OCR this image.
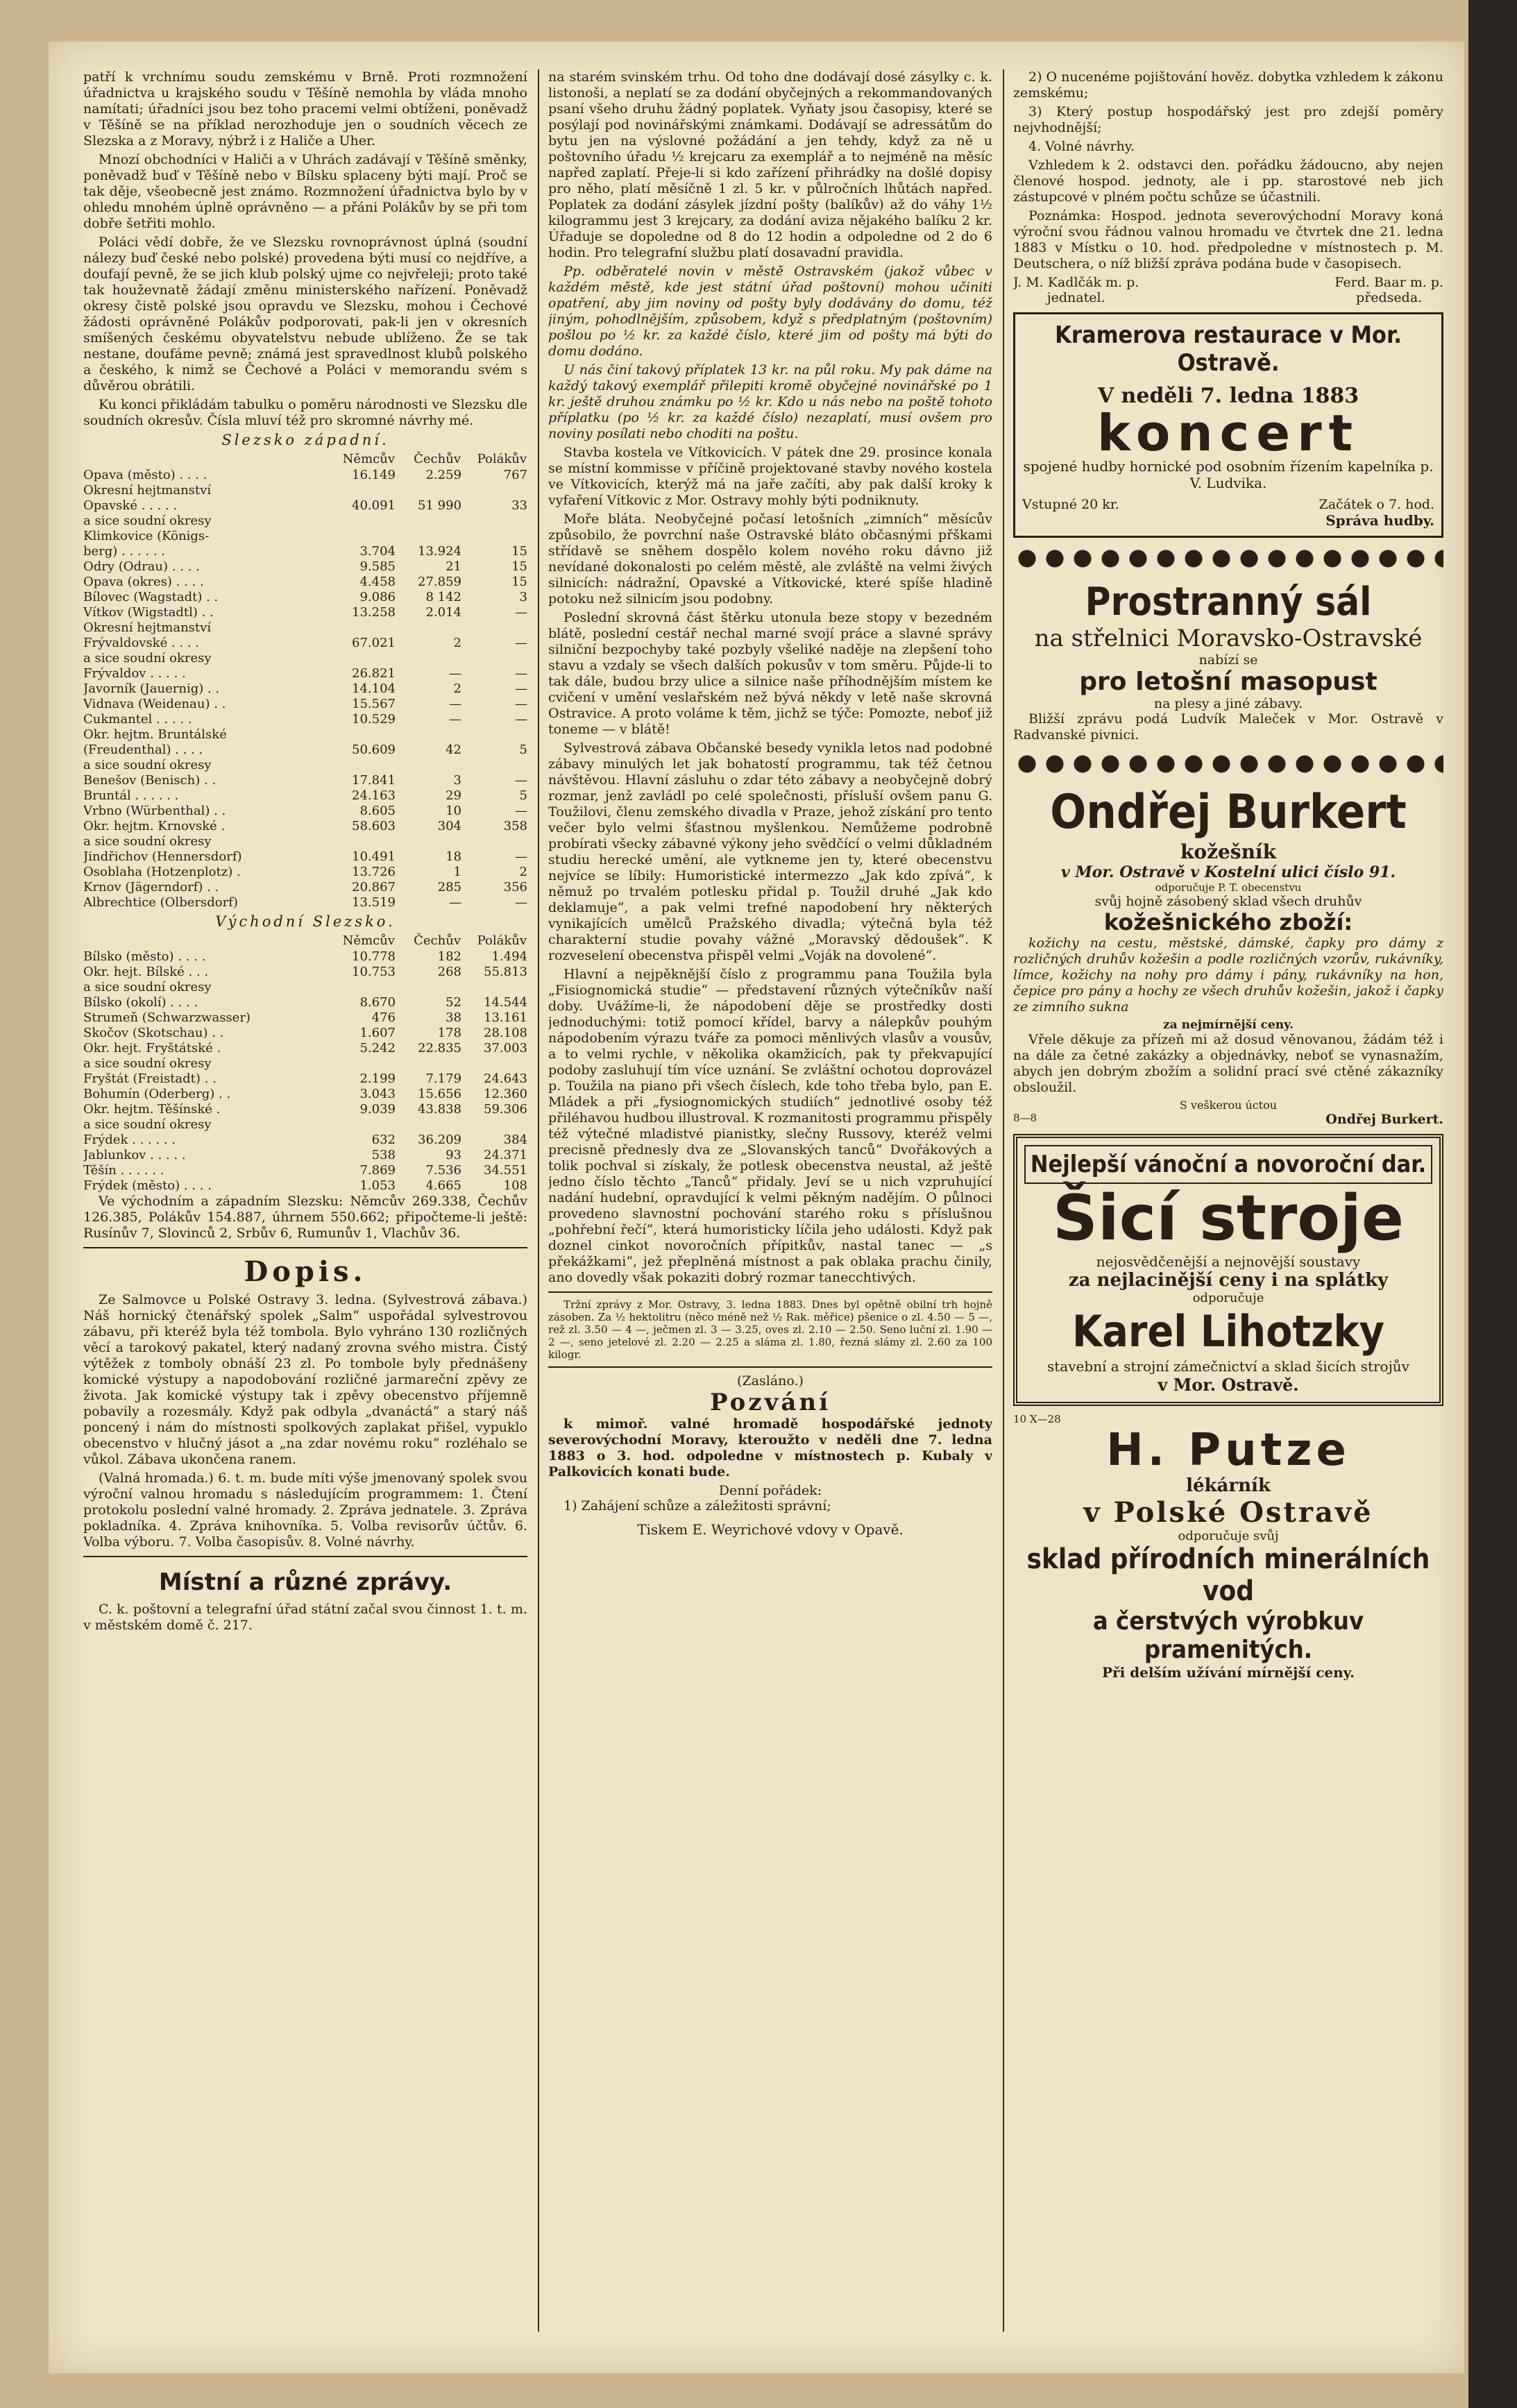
patří k vrchnímu soudu zemskému v Brně. Proti rozmnožení úřadnictva u krajského soudu v Těšíně nemohla by vláda mnoho namítati; úřadníci jsou bez toho pracemi velmi obtíženi, poněvadž v Těšíně se na příklad nerozhoduje jen o soudních věcech ze Slezska a z Moravy, nýbrž i z Haliče a Uher.

Mnozí obchodníci v Haliči a v Uhrách zadávají v Těšíně směnky, poněvadž buď v Těšíně nebo v Bílsku splaceny býti mají. Proč se tak děje, všeobecně jest známo. Rozmnožení úřadnictva bylo by v ohledu mnohém úplně oprávněno — a přáni Polákův by se při tom dobře šetřiti mohlo.

Poláci vědí dobře, že ve Slezsku rovnoprávnost úplná (soudní nálezy buď české nebo polské) provedena býti musí co nejdříve, a doufají pevně, že se jich klub polský ujme co nejvřeleji; proto také tak houževnatě žádají změnu ministerského nařízení. Poněvadž okresy čistě polské jsou opravdu ve Slezsku, mohou i Čechové žádosti oprávněné Polákův podporovati, pak-li jen v okresních smíšených českému obyvatelstvu nebude ublíženo. Že se tak nestane, doufáme pevně; známá jest spravedlnost klubů polského a českého, k nimž se Čechové a Poláci v memorandu svém s důvěrou obrátili.

Ku konci přikládám tabulku o poměru národnosti ve Slezsku dle soudních okresův. Čísla mluví též pro skromné návrhy mé.

Slezsko západní.
	Němcův	Čechův	Polákův
Opava (město) . . . .	16.149	2.259	767
Okresní hejtmanství			
Opavské . . . . .	40.091	51 990	33
a sice soudní okresy			
Klimkovice (Königs-			
berg) . . . . . .	3.704	13.924	15
Odry (Odrau) . . . .	9.585	21	15
Opava (okres) . . . .	4.458	27.859	15
Bílovec (Wagstadt) . .	9.086	8 142	3
Vítkov (Wigstadtl) . .	13.258	2.014	—
Okresní hejtmanství			
Frývaldovské . . . .	67.021	2	—
a sice soudní okresy			
Frývaldov . . . . .	26.821	—	—
Javorník (Jauernig) . .	14.104	2	—
Vidnava (Weidenau) . .	15.567	—	—
Cukmantel . . . . .	10.529	—	—
Okr. hejtm. Bruntálské			
(Freudenthal) . . . .	50.609	42	5
a sice soudní okresy			
Benešov (Benisch) . .	17.841	3	—
Bruntál . . . . . .	24.163	29	5
Vrbno (Würbenthal) . .	8.605	10	—
Okr. hejtm. Krnovské .	58.603	304	358
a sice soudní okresy			
Jindřichov (Hennersdorf)	10.491	18	—
Osoblaha (Hotzenplotz) .	13.726	1	2
Krnov (Jägerndorf) . .	20.867	285	356
Albrechtice (Olbersdorf)	13.519	—	—
Východní Slezsko.
	Němcův	Čechův	Polákův
Bílsko (město) . . . .	10.778	182	1.494
Okr. hejt. Bílské . . .	10.753	268	55.813
a sice soudní okresy			
Bílsko (okolí) . . . .	8.670	52	14.544
Strumeň (Schwarzwasser)	476	38	13.161
Skočov (Skotschau) . .	1.607	178	28.108
Okr. hejt. Fryštátské .	5.242	22.835	37.003
a sice soudní okresy			
Fryštát (Freistadt) . .	2.199	7.179	24.643
Bohumín (Oderberg) . .	3.043	15.656	12.360
Okr. hejtm. Těšínské .	9.039	43.838	59.306
a sice soudní okresy			
Frýdek . . . . . .	632	36.209	384
Jablunkov . . . . .	538	93	24.371
Těšín . . . . . .	7.869	7.536	34.551
Frýdek (město) . . . .	1.053	4.665	108

Ve východním a západním Slezsku: Němcův 269.338, Čechův 126.385, Polákův 154.887, úhrnem 550.662; připočteme-li ještě: Rusínův 7, Slovinců 2, Srbův 6, Rumunův 1, Vlachův 36.

Dopis.

Ze Salmovce u Polské Ostravy 3. ledna. (Sylvestrová zábava.) Náš hornický čtenářský spolek „Salm“ uspořádal sylvestrovou zábavu, při kteréž byla též tombola. Bylo vyhráno 130 rozličných věcí a tarokový pakatel, který nadaný zrovna svého mistra. Čistý výtěžek z tomboly obnáší 23 zl. Po tombole byly přednášeny komické výstupy a napodobování rozličné jarmareční zpěvy ze života. Jak komické výstupy tak i zpěvy obecenstvo příjemně pobavily a rozesmály. Když pak odbyla „dvanáctá“ a starý náš poncený i nám do místnosti spolkových zaplakat přišel, vypuklo obecenstvo v hlučný jásot a „na zdar novému roku“ rozléhalo se vůkol. Zábava ukončena ranem.

(Valná hromada.) 6. t. m. bude míti výše jmenovaný spolek svou výroční valnou hromadu s následujícím programmem: 1. Čtení protokolu poslední valné hromady. 2. Zpráva jednatele. 3. Zpráva pokladníka. 4. Zpráva knihovníka. 5. Volba revisorův účtův. 6. Volba výboru. 7. Volba časopisův. 8. Volné návrhy.

Místní a různé zprávy.

C. k. poštovní a telegrafní úřad státní začal svou činnost 1. t. m. v městském domě č. 217.

na starém svinském trhu. Od toho dne dodávají dosé zásylky c. k. listonoši, a neplatí se za dodání obyčejných a rekommandovaných psaní všeho druhu žádný poplatek. Vyňaty jsou časopisy, které se posýlají pod novinářskými známkami. Dodávají se adressátům do bytu jen na výslovné požádání a jen tehdy, když za ně u poštovního úřadu ½ krejcaru za exemplář a to nejméně na měsíc napřed zaplatí. Přeje-li si kdo zařízení přihrádky na došlé dopisy pro něho, platí měsíčně 1 zl. 5 kr. v půlročních lhůtách napřed. Poplatek za dodání zásylek jízdní pošty (balíkův) až do váhy 1½ kilogrammu jest 3 krejcary, za dodání aviza nějakého balíku 2 kr. Úřaduje se dopoledne od 8 do 12 hodin a odpoledne od 2 do 6 hodin. Pro telegrafní službu platí dosavadní pravidla.

Pp. odběratelé novin v městě Ostravském (jakož vůbec v každém městě, kde jest státní úřad poštovní) mohou učiniti opatření, aby jim noviny od pošty byly dodávány do domu, též jiným, pohodlnějším, způsobem, když s předplatným (poštovním) pošlou po ½ kr. za každé číslo, které jim od pošty má býti do domu dodáno.

U nás činí takový příplatek 13 kr. na půl roku. My pak dáme na každý takový exemplář přilepiti kromě obyčejné novinářské po 1 kr. ještě druhou známku po ½ kr. Kdo u nás nebo na poště tohoto příplatku (po ½ kr. za každé číslo) nezaplatí, musí ovšem pro noviny posílati nebo choditi na poštu.

Stavba kostela ve Vítkovicích. V pátek dne 29. prosince konala se místní kommisse v příčině projektované stavby nového kostela ve Vítkovicích, kterýž má na jaře začíti, aby pak další kroky k vyfaření Vítkovic z Mor. Ostravy mohly býti podniknuty.

Moře bláta. Neobyčejné počasí letošních „zimních“ měsícův způsobilo, že povrchní naše Ostravské bláto občasnými přškami střídavě se sněhem dospělo kolem nového roku dávno již nevídané dokonalosti po celém městě, ale zvláště na velmi živých silnicích: nádražní, Opavské a Vítkovické, které spíše hladině potoku než silnicím jsou podobny.

Poslední skrovná část štěrku utonula beze stopy v bezedném blátě, poslední cestář nechal marné svojí práce a slavné správy silniční bezpochyby také pozbyly všeliké naděje na zlepšení toho stavu a vzdaly se všech dalších pokusův v tom směru. Půjde-li to tak dále, budou brzy ulice a silnice naše příhodnějším místem ke cvičení v umění veslařském než bývá někdy v letě naše skrovná Ostravice. A proto voláme k těm, jichž se týče: Pomozte, neboť již toneme — v blátě!

Sylvestrová zábava Občanské besedy vynikla letos nad podobné zábavy minulých let jak bohatostí programmu, tak též četnou návštěvou. Hlavní zásluhu o zdar této zábavy a neobyčejně dobrý rozmar, jenž zavládl po celé společnosti, přísluší ovšem panu G. Toužilovi, členu zemského divadla v Praze, jehož získání pro tento večer bylo velmi šťastnou myšlenkou. Nemůžeme podrobně probírati všecky zábavné výkony jeho svědčící o velmi důkladném studiu herecké umění, ale vytkneme jen ty, které obecenstvu nejvíce se líbily: Humoristické intermezzo „Jak kdo zpívá“, k němuž po trvalém potlesku přidal p. Toužil druhé „Jak kdo deklamuje“, a pak velmi trefné napodobení hry některých vynikajících umělců Pražského divadla; výtečná byla též charakterní studie povahy vážné „Moravský dědoušek“. K rozveselení obecenstva přispěl velmi „Voják na dovolené“.

Hlavní a nejpěknější číslo z programmu pana Toužila byla „Fisiognomická studie“ — představení různých výtečníkův naší doby. Uvážíme-li, že nápodobení děje se prostředky dosti jednoduchými: totiž pomocí křídel, barvy a nálepkův pouhým nápodobením výrazu tváře za pomoci měnlivých vlasův a vousův, a to velmi rychle, v několika okamžicích, pak ty překvapující podoby zasluhují tím více uznání. Se zvláštní ochotou doprovázel p. Toužila na piano při všech číslech, kde toho třeba bylo, pan E. Mládek a při „fysiognomických studiích“ jednotlivé osoby též přiléhavou hudbou illustroval. K rozmanitosti programmu přispěly též výtečné mladistvé pianistky, slečny Russovy, kteréž velmi precisně přednesly dva ze „Slovanských tanců“ Dvořákových a tolik pochval si získaly, že potlesk obecenstva neustal, až ještě jedno číslo těchto „Tanců“ přidaly. Jeví se u nich vzpruhující nadání hudební, opravdující k velmi pěkným nadějím. O půlnoci provedeno slavnostní pochování starého roku s příslušnou „pohřební řečí“, která humoristicky líčila jeho události. Když pak doznel cinkot novoročních přípitkův, nastal tanec — „s překážkami“, jež přeplněná místnost a pak oblaka prachu činily, ano dovedly však pokaziti dobrý rozmar tanecchtivých.

Tržní zprávy z Mor. Ostravy, 3. ledna 1883. Dnes byl opětně obilní trh hojně zásoben. Za ½ hektolitru (něco méně než ½ Rak. měřice) pšenice o zl. 4.50 — 5 —, rež zl. 3.50 — 4 —, ječmen zl. 3 — 3.25, oves zl. 2.10 — 2.50. Seno luční zl. 1.90 — 2 —, seno jetelové zl. 2.20 — 2.25 a sláma zl. 1.80, řezná slámy zl. 2.60 za 100 kilogr.

(Zasláno.)
Pozvání

k mimoř. valné hromadě hospodářské jednoty severovýchodní Moravy, kteroužto v neděli dne 7. ledna 1883 o 3. hod. odpoledne v místnostech p. Kubaly v Palkovicích konati bude.

Denní pořádek:

1) Zahájení schůze a záležitosti správní;

Tiskem E. Weyrichové vdovy v Opavě.

2) O nucenéme pojištování hověz. dobytka vzhledem k zákonu zemskému;

3) Který postup hospodářský jest pro zdejší poměry nejvhodnější;

4. Volné návrhy.

Vzhledem k 2. odstavci den. pořádku žádoucno, aby nejen členové hospod. jednoty, ale i pp. starostové neb jich zástupcové v plném počtu schůze se účastnili.

Poznámka: Hospod. jednota severovýchodní Moravy koná výroční svou řádnou valnou hromadu ve čtvrtek dne 21. ledna 1883 v Místku o 10. hod. předpoledne v místnostech p. M. Deutschera, o níž bližší zpráva podána bude v časopisech.

J. M. Kadlčák m. p.
jednatel.
Ferd. Baar m. p.
předseda.
Kramerova restaurace v Mor. Ostravě.
V neděli 7. ledna 1883
koncert
spojené hudby hornické pod osobním řízením kapelníka p. V. Ludvika.
Vstupné 20 kr.	Začátek o 7. hod.
Správa hudby.
Prostranný sál
na střelnici Moravsko-Ostravské
nabízí se
pro letošní masopust
na plesy a jiné zábavy.

Bližší zprávu podá Ludvík Maleček v Mor. Ostravě v Radvanské pivnici.

Ondřej Burkert
kožešník
v Mor. Ostravě v Kostelní ulici číslo 91.
odporučuje P. T. obecenstvu
svůj hojně zásobený sklad všech druhův
kožešnického zboží:

kožichy na cestu, městské, dámské, čapky pro dámy z rozličných druhův kožešin a podle rozličných vzorův, rukávníky, límce, kožichy na nohy pro dámy i pány, rukávníky na hon, čepice pro pány a hochy ze všech druhův kožešin, jakož i čapky ze zimního sukna

za nejmírnější ceny.

Vřele děkuje za přízeň mi až dosud věnovanou, žádám též i na dále za četné zakázky a objednávky, neboť se vynasnažím, abych jen dobrým zbožím a solidní prací své ctěné zákazníky obsloužil.

S veškerou úctou
8—8	Ondřej Burkert.
Nejlepší vánoční a novoroční dar.
Šicí stroje
nejosvědčenější a nejnovější soustavy
za nejlacinější ceny i na splátky
odporučuje
Karel Lihotzky
stavební a strojní zámečnictví a sklad šicích strojův
v Mor. Ostravě.
10 X—28
H. Putze
lékárník
v Polské Ostravě
odporučuje svůj
sklad přírodních minerálních vod
a čerstvých výrobkuv pramenitých.
Při delším užívání mírnější ceny.
